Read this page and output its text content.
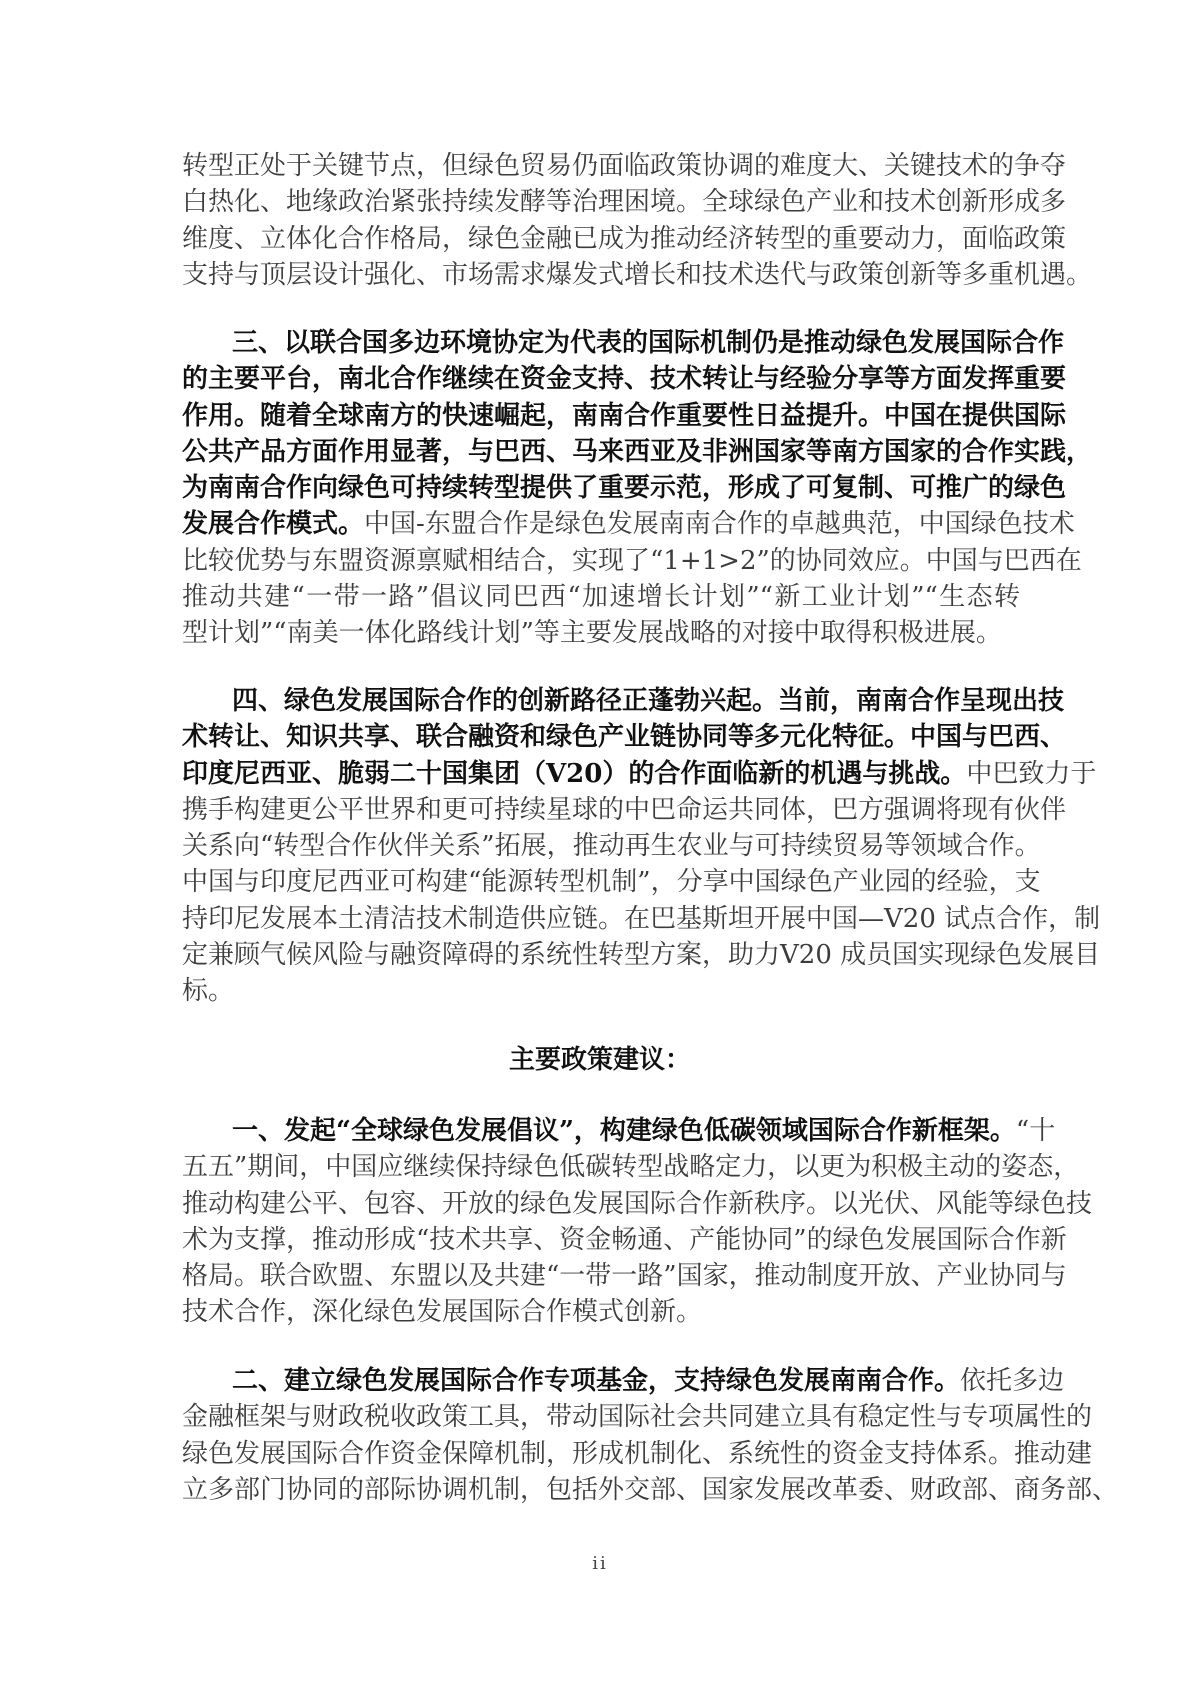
转型正处于关键节点，但绿色贸易仍面临政策协调的难度大、关键技术的争夺
白热化、地缘政治紧张持续发酵等治理困境。全球绿色产业和技术创新形成多
维度、立体化合作格局，绿色金融已成为推动经济转型的重要动力，面临政策
支持与顶层设计强化、市场需求爆发式增长和技术迭代与政策创新等多重机遇。
三、以联合国多边环境协定为代表的国际机制仍是推动绿色发展国际合作
的主要平台，南北合作继续在资金支持、技术转让与经验分享等方面发挥重要
作用。随着全球南方的快速崛起，南南合作重要性日益提升。中国在提供国际
公共产品方面作用显著，与巴西、马来西亚及非洲国家等南方国家的合作实践，
为南南合作向绿色可持续转型提供了重要示范，形成了可复制、可推广的绿色
发展合作模式。中国-东盟合作是绿色发展南南合作的卓越典范，中国绿色技术
比较优势与东盟资源禀赋相结合，实现了“1+1>2”的协同效应。中国与巴西在
推动共建“一带一路”倡议同巴西“加速增长计划”“新工业计划”“生态转
型计划”“南美一体化路线计划”等主要发展战略的对接中取得积极进展。
四、绿色发展国际合作的创新路径正蓬勃兴起。当前，南南合作呈现出技
术转让、知识共享、联合融资和绿色产业链协同等多元化特征。中国与巴西、
印度尼西亚、脆弱二十国集团（V20）的合作面临新的机遇与挑战。中巴致力于
携手构建更公平世界和更可持续星球的中巴命运共同体，巴方强调将现有伙伴
关系向“转型合作伙伴关系”拓展，推动再生农业与可持续贸易等领域合作。
中国与印度尼西亚可构建“能源转型机制”，分享中国绿色产业园的经验，支
持印尼发展本土清洁技术制造供应链。在巴基斯坦开展中国—V20 试点合作，制
定兼顾气候风险与融资障碍的系统性转型方案，助力V20 成员国实现绿色发展目
标。
主要政策建议：
一、发起“全球绿色发展倡议”，构建绿色低碳领域国际合作新框架。“十
五五”期间，中国应继续保持绿色低碳转型战略定力，以更为积极主动的姿态，
推动构建公平、包容、开放的绿色发展国际合作新秩序。以光伏、风能等绿色技
术为支撑，推动形成“技术共享、资金畅通、产能协同”的绿色发展国际合作新
格局。联合欧盟、东盟以及共建“一带一路”国家，推动制度开放、产业协同与
技术合作，深化绿色发展国际合作模式创新。
二、建立绿色发展国际合作专项基金，支持绿色发展南南合作。依托多边
金融框架与财政税收政策工具，带动国际社会共同建立具有稳定性与专项属性的
绿色发展国际合作资金保障机制，形成机制化、系统性的资金支持体系。推动建
立多部门协同的部际协调机制，包括外交部、国家发展改革委、财政部、商务部、
ii
